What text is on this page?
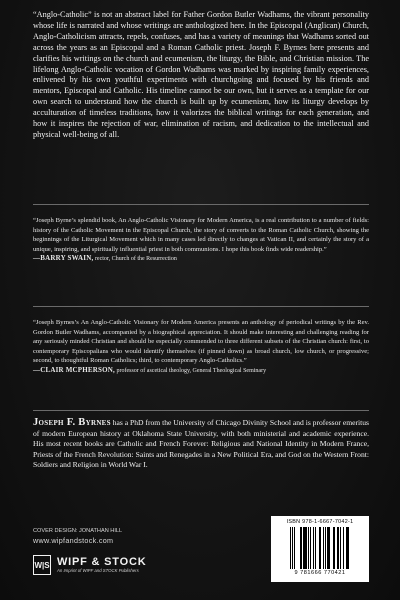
“Anglo-Catholic” is not an abstract label for Father Gordon Butler Wadhams, the vibrant personality whose life is narrated and whose writings are anthologized here. In the Episcopal (Anglican) Church, Anglo-Catholicism attracts, repels, confuses, and has a variety of meanings that Wadhams sorted out across the years as an Episcopal and a Roman Catholic priest. Joseph F. Byrnes here presents and clarifies his writings on the church and ecumenism, the liturgy, the Bible, and Christian mission. The lifelong Anglo-Catholic vocation of Gordon Wadhams was marked by inspiring family experiences, enlivened by his own youthful experiments with churchgoing and focused by his friends and mentors, Episcopal and Catholic. His timeline cannot be our own, but it serves as a template for our own search to understand how the church is built up by ecumenism, how its liturgy develops by acculturation of timeless traditions, how it valorizes the biblical writings for each generation, and how it inspires the rejection of war, elimination of racism, and dedication to the intellectual and physical well-being of all.

“Joseph Byrne’s splendid book, An Anglo-Catholic Visionary for Modern America, is a real contribution to a number of fields: history of the Catholic Movement in the Episcopal Church, the story of converts to the Roman Catholic Church, showing the beginnings of the Liturgical Movement which in many cases led directly to changes at Vatican II, and certainly the story of a unique, inspiring, and spiritually influential priest in both communions. I hope this book finds wide readership.”
—BARRY SWAIN, rector, Church of the Resurrection

“Joseph Byrnes’s An Anglo-Catholic Visionary for Modern America presents an anthology of periodical writings by the Rev. Gordon Butler Wadhams, accompanied by a biographical appreciation. It should make interesting and challenging reading for any seriously minded Christian and should be especially commended to three different subsets of the Christian church: first, to contemporary Episcopalians who would identify themselves (if pinned down) as broad church, low church, or progressive; second, to thoughtful Roman Catholics; third, to contemporary Anglo-Catholics.”
—CLAIR MCPHERSON, professor of ascetical theology, General Theological Seminary

Joseph F. Byrnes has a PhD from the University of Chicago Divinity School and is professor emeritus of modern European history at Oklahoma State University, with both ministerial and academic experience. His most recent books are Catholic and French Forever: Religious and National Identity in Modern France, Priests of the French Revolution: Saints and Renegades in a New Political Era, and God on the Western Front: Soldiers and Religion in World War I.

COVER DESIGN: JONATHAN HILL
www.wipfandstock.com
W|S WIPF & STOCK
An Imprint of WIPF and STOCK Publishers
ISBN 978-1-6667-7042-1
9 781666 770421
